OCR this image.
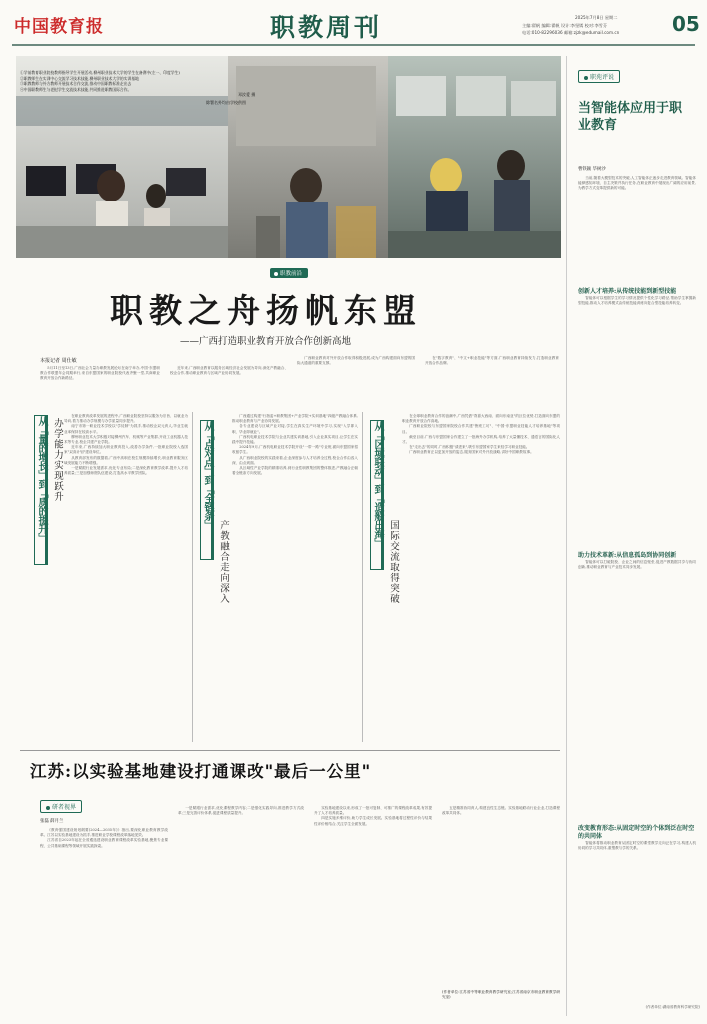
中国教育报	职教周刊	2025年7月8日 星期二
主编:翟帆 编辑:翟帆 设计:李坚嫣 校对:李雪芬
电话:010-82296036 邮箱:zjzk@edumail.com.cn	05
①学前教育职业院校教师指导学生开展活动,柳州职业技术大学的学生在备赛中(左一、印度学生)
②职教师生在实训中心交流学习技术技能,柳州职业技术大学的实训基地
③职教教师与外方教师开展技术合作交流,推动中国职教标准走出去
④中国职教师生与老挝学生交流技术技能,共同推进职教国际合作。
邓汝愛 摄
除署名外均由学校供图
职教前沿
职教之舟扬帆东盟
——广西打造职业教育开放合作创新高地
本报记者 周仕敏

5月11日至13日,广西社会力量办职教发展论坛在南宁举办,中国-东盟职教合作联盟年会同期举行,来自东盟国家的职业院校代表齐聚一堂,共商职业教育开放合作新路径。

近年来,广西职业教育以服务区域经济社会发展为导向,深化产教融合、校企合作,推动职业教育与区域产业协同发展。

广西职业教育对外开放合作取得积极进展,成为广西构建面向东盟的国际大通道的重要支撑。

在"数字教育"、"中文+职业技能"等方面,广西职业教育持续发力,打造职业教育开放合作品牌。

从「量的增长」到「质的提升」 办学能力实现跃升

在职业教育改革发展的进程中,广西职业院校坚持以服务为宗旨、以就业为导向,着力推动办学规模与办学质量同步提升。

南宁市第一职业技术学校以"学徒制"为抓手,推动校企双元育人,毕业生就业率保持在较高水平。

柳州职业技术大学积极对接柳州汽车、机械等产业集群,开设工业机器人技术等专业,校企共建产业学院。

近年来,广西持续加大职业教育投入,改善办学条件,一批职业院校入选国家"双高计划"建设单位。

从教育部发布的数据看,广西中高职在校生规模持续增长,职业教育服务区域发展能力不断增强。

一是紧跟行业发展需求,优化专业布局;二是深化教育教学改革,提升人才培养质量;三是加强师资队伍建设,打造高水平教学团队。	从「点对点」到「全链条」
产教融合走向深入

广西通过构建"行指委+职教集团+产业学院+实训基地"四级产教融合体系,推动职业教育与产业协同发展。

各专业建设与区域产业对接,学生在真实生产环境中学习,实现"入学即入职、毕业即就业"。

广西机电职业技术学院与企业共建实训基地,引入企业真实项目,让学生在实践中提升技能。

2024年9月,广西机电职业技术学院开设"一带一路"专业班,面向东盟国家招收留学生。

从广西职业院校的实践来看,企业深度参与人才培养全过程,校企合作由浅入深、由点到面。

从区域性产业学院的精准培养,到行业性职教集团的整体推进,产教融合正朝着全链条方向发展。	从「区域联动」到「造船出海」
国际交流取得突破

在全球职业教育合作的浪潮中,广西凭借"背靠大西南、面向东南亚"的区位优势,打造面向东盟的职业教育开放合作高地。

广西职业院校与东盟国家院校合作共建"鲁班工坊"、"中国-东盟职业技能人才培养基地"等项目。

截至目前,广西与东盟国家合作建立了一批海外办学机构,培养了大量懂技术、通语言的国际化人才。

在"走出去"的同时,广西积极"请进来",吸引东盟国家学生来桂学习职业技能。

广西职业教育正以更加开放的姿态,服务国家对外开放战略,讲好中国职教故事。

职苑评说
当智能体应用于职业教育
曹铁颖 毕树沙

当前,随着大模型技术的突破,人工智能体正逐步走进教育领域。智能体能够感知环境、自主决策并执行任务,在职业教育中展现出广阔的应用前景,为教学方式变革提供新的可能。

创新人才培养:从传统技能到新型技能

智能体可以根据学生的学习情况提供个性化学习路径,帮助学生掌握新型技能,推动人才培养模式由传统技能训练向复合型技能培养转变。

助力技术革新:从信息孤岛到协同创新

智能体可以打破院校、企业之间的信息壁垒,促进产教数据共享与协同创新,推动职业教育与产业技术同步发展。

改变教育形态:从固定时空的个体到泛在时空的共同体

智能体将推动职业教育从固定时空的课堂教学走向泛在学习,构建人机协同的学习共同体,重塑教与学的关系。

(作者单位:湖南省教育科学研究院)
江苏:以实验基地建设打通课改"最后一公里"
研者视界
张磊 薛月兰

《教育强国建设规划纲要(2024—2035年)》指出,要深化职业教育教学改革。江苏以实验基地建设为抓手,推进职业学校课程改革落地见效。

江苏省自2023年起在全省遴选建设职业教育课程改革实验基地,聚焦专业课程、公共基础课程等领域开展实践探索。

一是紧跟行业需求,优化课程教学内容;二是强化实践导向,推进教学方式改革;三是完善评价体系,促进课程质量提升。

实验基地建设以来,形成了一批可复制、可推广的课程改革成果,有效提升了人才培养质量。

四是实施多维评价,助力学生成长发展。实验基地将过程性评价与结果性评价相结合,关注学生全面发展。

五是精准协同育人,构建良性生态链。实验基地联动行业企业,打造课程改革共同体。

(作者单位:江苏省中等职业教育教学研究室;江苏省南京市职业教育教学研究室)
